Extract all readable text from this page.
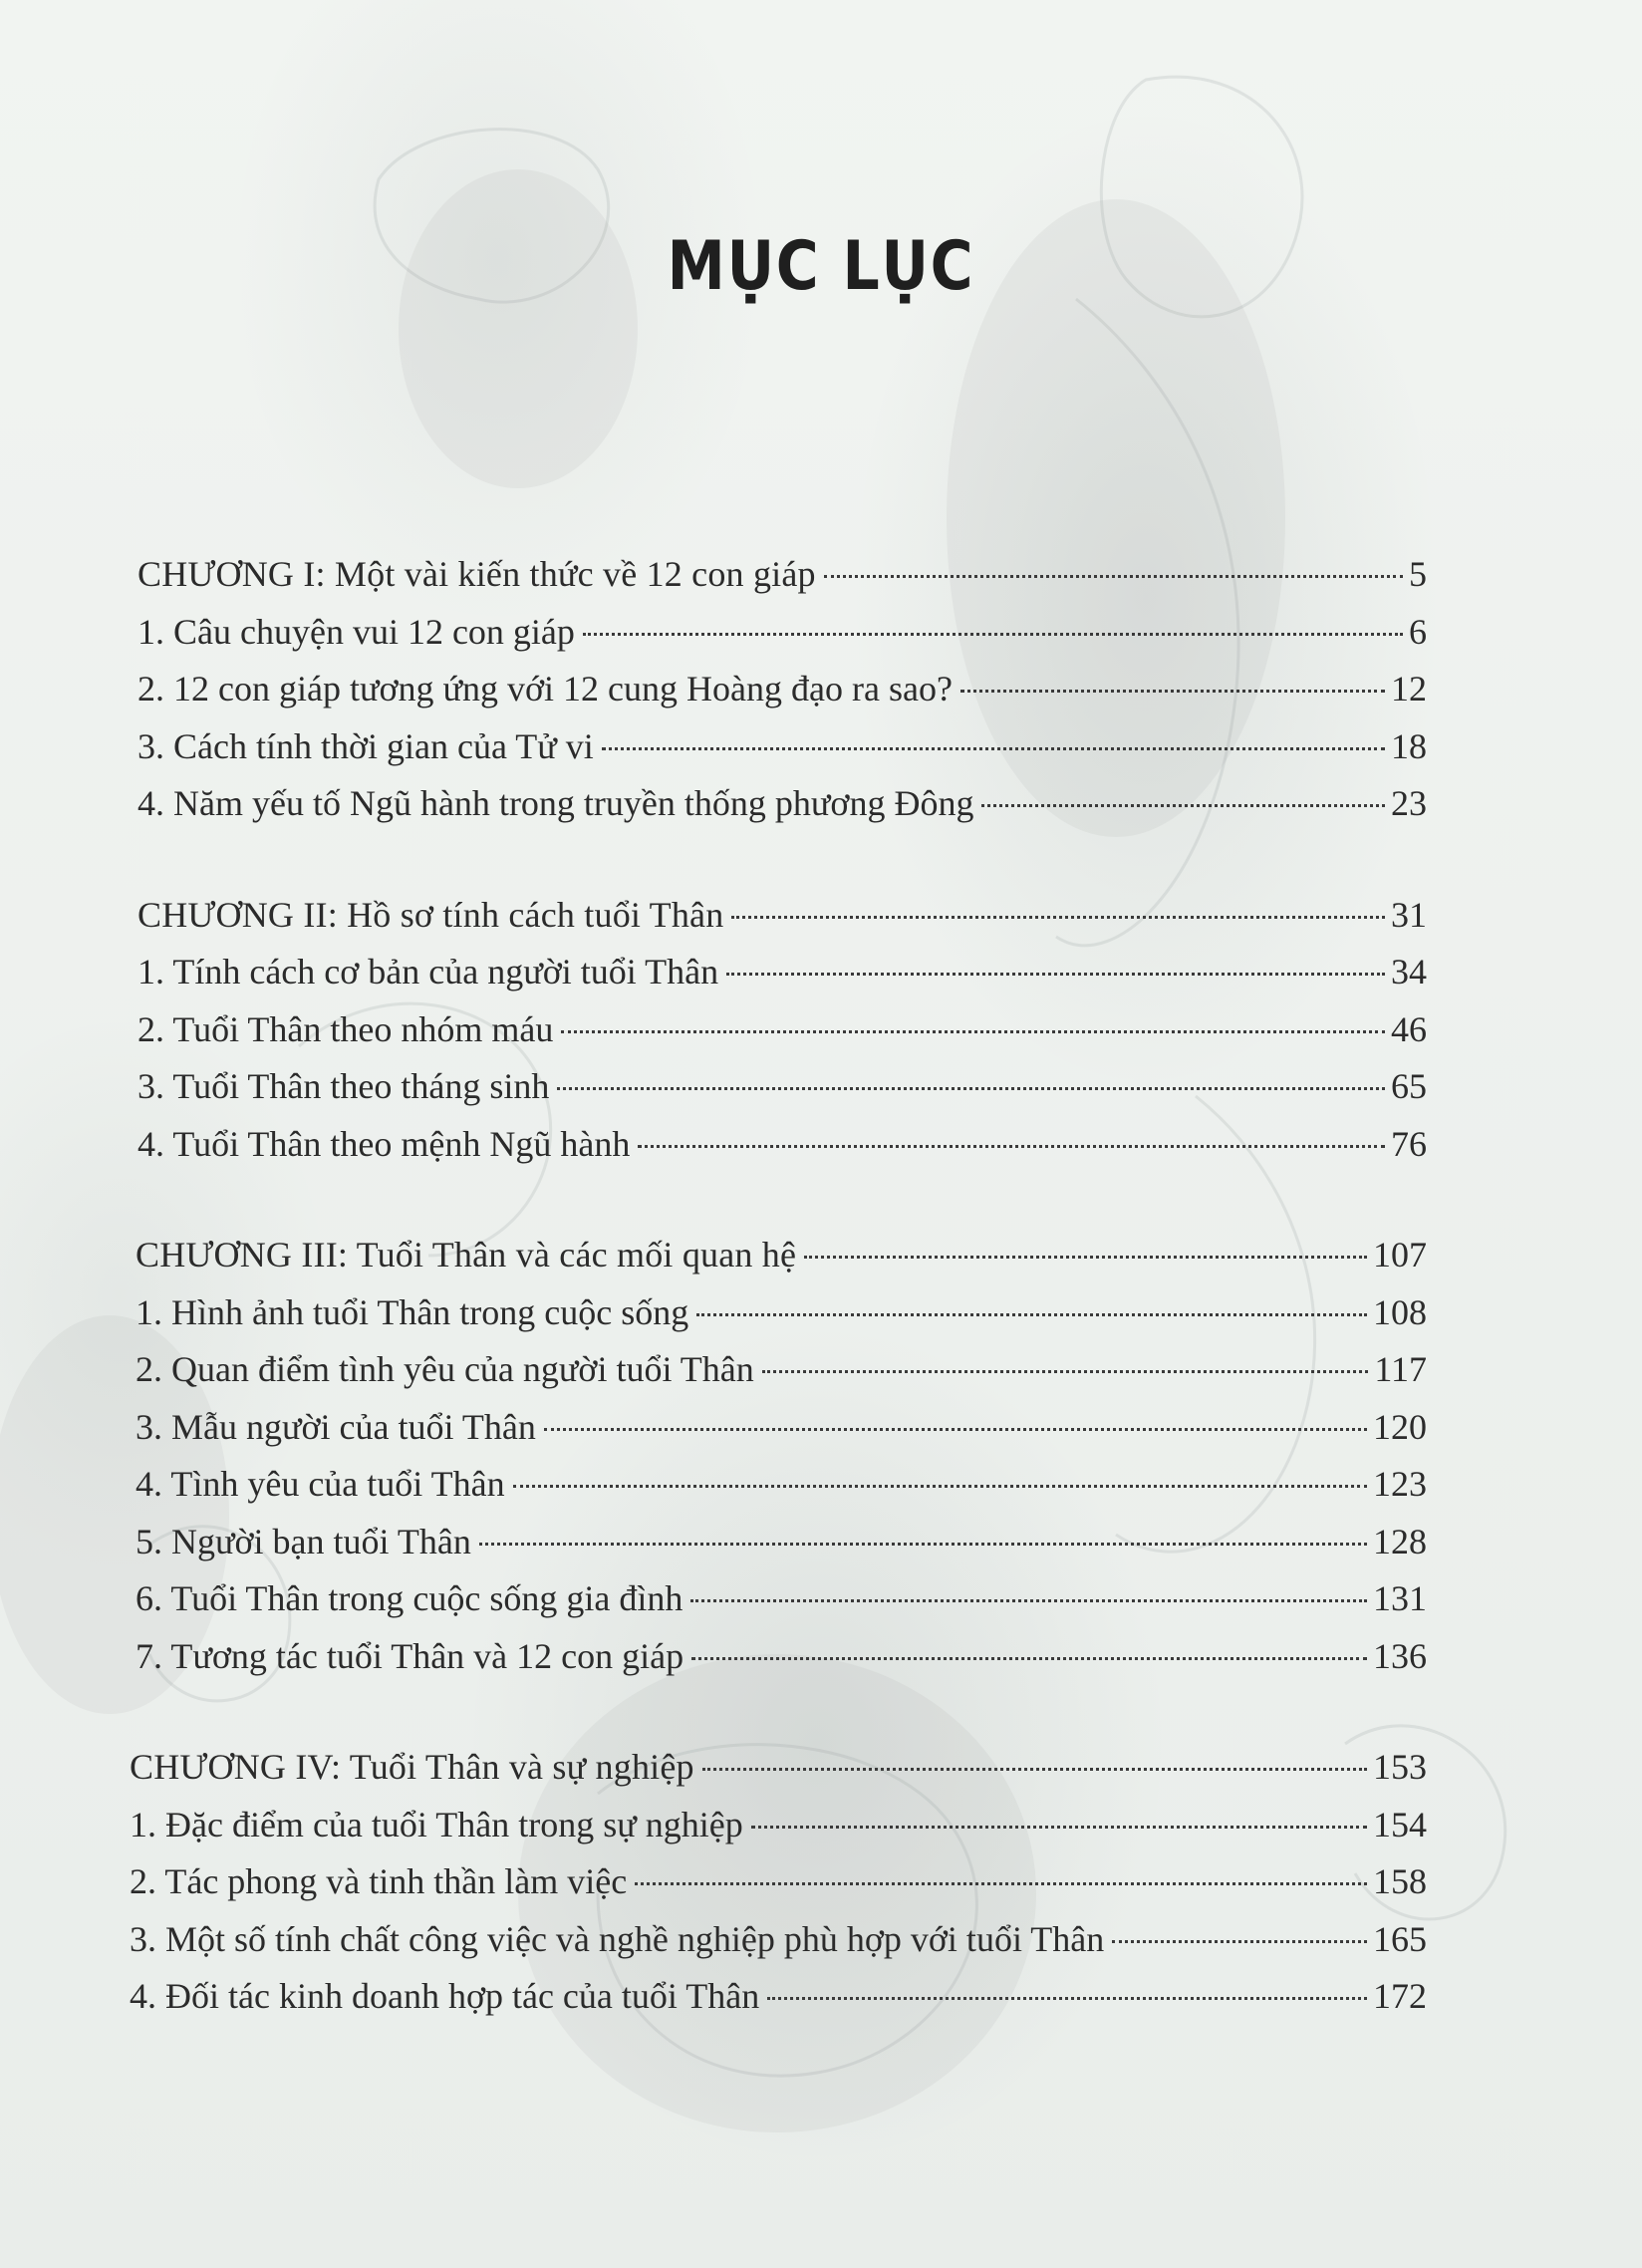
MỤC LỤC
CHƯƠNG I: Một vài kiến thức về 12 con giáp	5
1. Câu chuyện vui 12 con giáp	6
2. 12 con giáp tương ứng với 12 cung Hoàng đạo ra sao?	12
3. Cách tính thời gian của Tử vi	18
4. Năm yếu tố Ngũ hành trong truyền thống phương Đông	23
CHƯƠNG II: Hồ sơ tính cách tuổi Thân	31
1. Tính cách cơ bản của người tuổi Thân	34
2. Tuổi Thân theo nhóm máu	46
3. Tuổi Thân theo tháng sinh	65
4. Tuổi Thân theo mệnh Ngũ hành	76
CHƯƠNG III: Tuổi Thân và các mối quan hệ	107
1. Hình ảnh tuổi Thân trong cuộc sống	108
2. Quan điểm tình yêu của người tuổi Thân	117
3. Mẫu người của tuổi Thân	120
4. Tình yêu của tuổi Thân	123
5. Người bạn tuổi Thân	128
6. Tuổi Thân trong cuộc sống gia đình	131
7. Tương tác tuổi Thân và 12 con giáp	136
CHƯƠNG IV: Tuổi Thân và sự nghiệp	153
1. Đặc điểm của tuổi Thân trong sự nghiệp	154
2. Tác phong và tinh thần làm việc	158
3. Một số tính chất công việc và nghề nghiệp phù hợp với tuổi Thân	165
4. Đối tác kinh doanh hợp tác của tuổi Thân	172
